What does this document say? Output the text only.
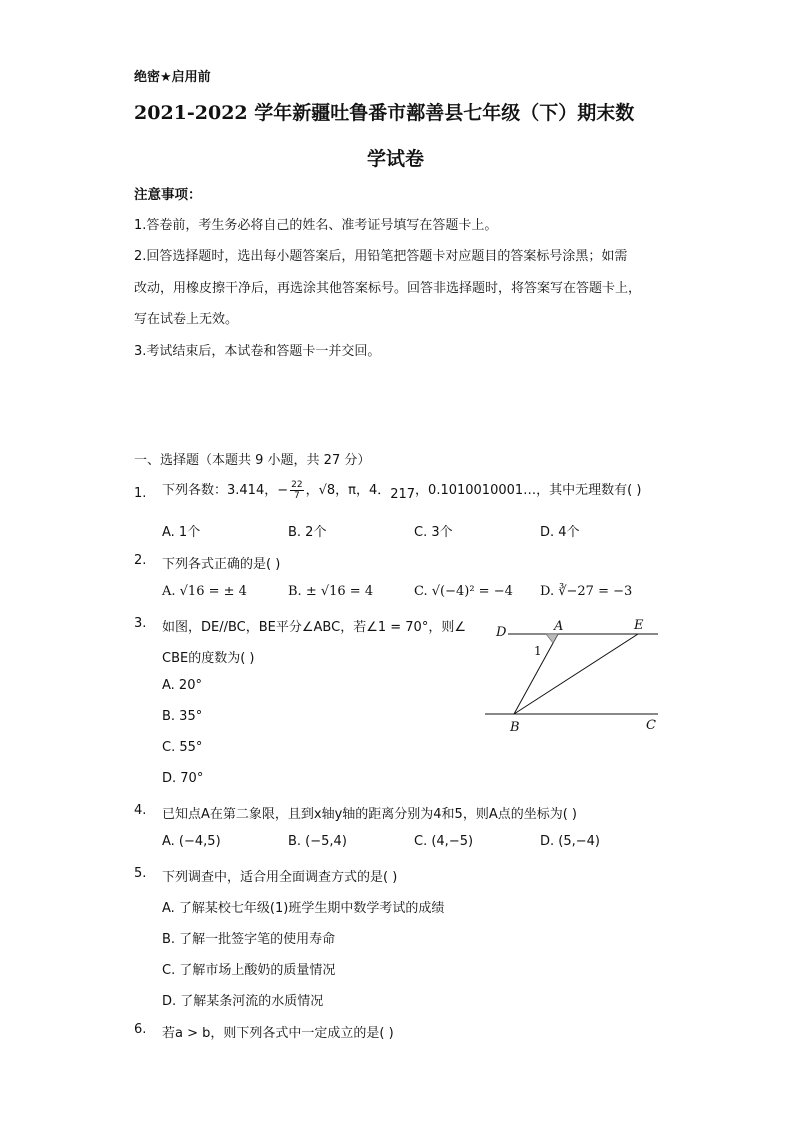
绝密★启用前
2021-2022 学年新疆吐鲁番市鄯善县七年级（下）期末数
学试卷
注意事项：
1.答卷前，考生务必将自己的姓名、准考证号填写在答题卡上。
2.回答选择题时，选出每小题答案后，用铅笔把答题卡对应题目的答案标号涂黑；如需
改动，用橡皮擦干净后，再选涂其他答案标号。回答非选择题时，将答案写在答题卡上，
写在试卷上无效。
3.考试结束后，本试卷和答题卡一并交回。
一、选择题（本题共 9 小题，共 27 分）
1. 下列各数：3.414，− $\frac{22}{7}$ ，√8，π，4．217，0.1010010001…，其中无理数有( )
A. 1个	B. 2个	C. 3个	D. 4个
2. 下列各式正确的是( )
A. √16 = ± 4	B. ± √16 = 4	C. √(−4)² = −4 D. ∛−27 = −3
3. 如图，DE//BC，BE平分∠ABC，若∠1 = 70°，则∠
CBE的度数为( )
A. 20°
B. 35°
C. 55°
D. 70°
D	A	E
B	C
1
4. 已知点A在第二象限，且到x轴y轴的距离分别为4和5，则A点的坐标为( )
A. (−4,5)	B. (−5,4)	C. (4,−5)	D. (5,−4)
5. 下列调查中，适合用全面调查方式的是( )
A. 了解某校七年级(1)班学生期中数学考试的成绩
B. 了解一批签字笔的使用寿命
C. 了解市场上酸奶的质量情况
D. 了解某条河流的水质情况
6. 若a > b，则下列各式中一定成立的是( )
